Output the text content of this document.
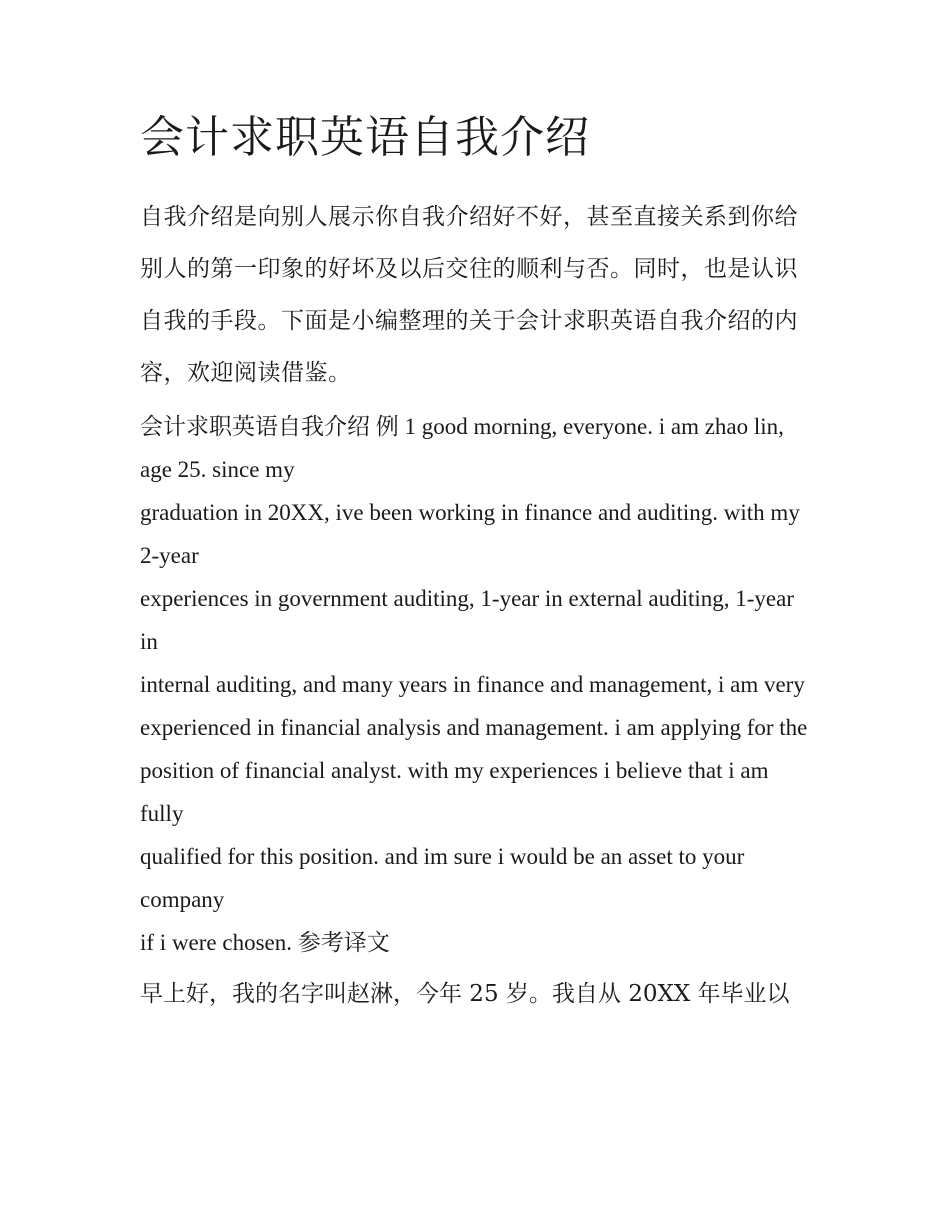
会计求职英语自我介绍

自我介绍是向别人展示你自我介绍好不好，甚至直接关系到你给别人的第一印象的好坏及以后交往的顺利与否。同时，也是认识自我的手段。下面是小编整理的关于会计求职英语自我介绍的内容，欢迎阅读借鉴。

会计求职英语自我介绍 例 1 good morning, everyone. i am zhao lin, age 25. since my

graduation in 20XX, ive been working in finance and auditing. with my 2-year

experiences in government auditing, 1-year in external auditing, 1-year in

internal auditing, and many years in finance and management, i am very

experienced in financial analysis and management. i am applying for the

position of financial analyst. with my experiences i believe that i am fully

qualified for this position. and im sure i would be an asset to your company

if i were chosen. 参考译文

早上好，我的名字叫赵淋，今年 25 岁。我自从 20XX 年毕业以
